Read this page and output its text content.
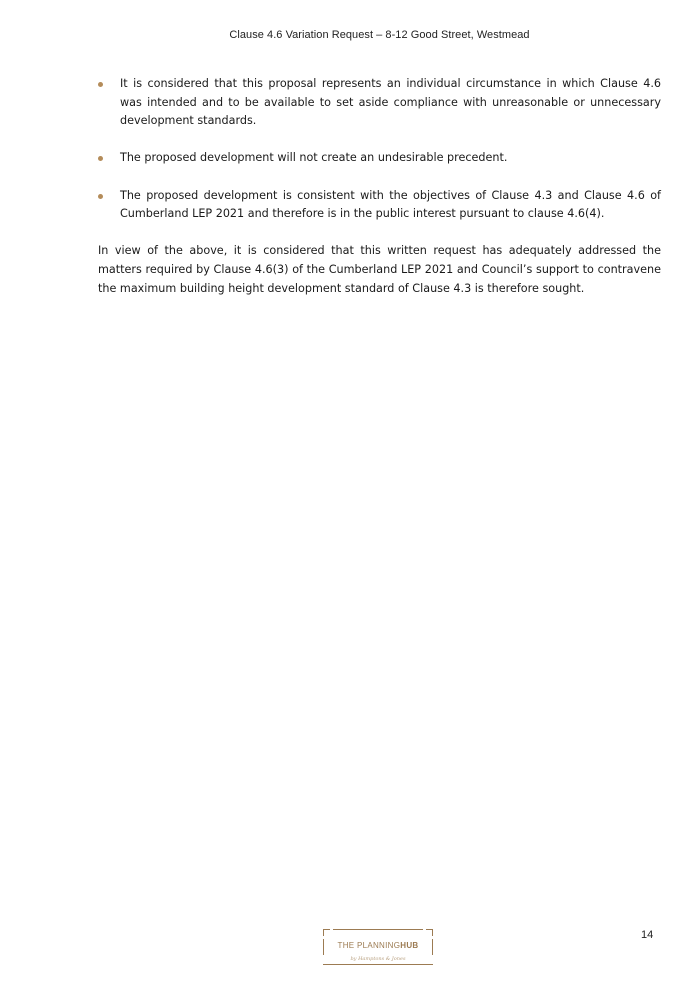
Clause 4.6 Variation Request – 8-12 Good Street, Westmead
It is considered that this proposal represents an individual circumstance in which Clause 4.6 was intended and to be available to set aside compliance with unreasonable or unnecessary development standards.
The proposed development will not create an undesirable precedent.
The proposed development is consistent with the objectives of Clause 4.3 and Clause 4.6 of Cumberland LEP 2021 and therefore is in the public interest pursuant to clause 4.6(4).

In view of the above, it is considered that this written request has adequately addressed the matters required by Clause 4.6(3) of the Cumberland LEP 2021 and Council’s support to contravene the maximum building height development standard of Clause 4.3 is therefore sought.

THE PLANNINGHUB
by Hamptons & Jones
14
